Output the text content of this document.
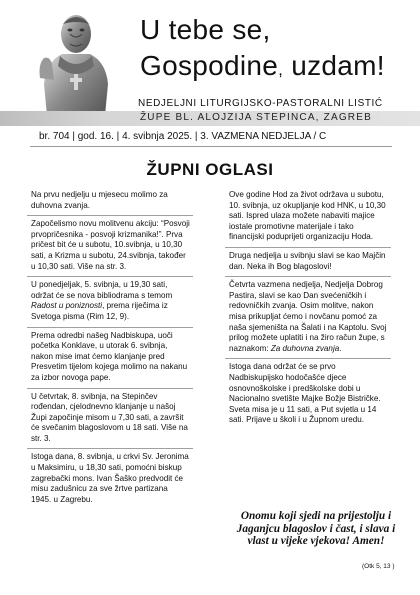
U tebe se,
Gospodine, uzdam!
NEDJELJNI LITURGIJSKO-PASTORALNI LISTIĆ
ŽUPE BL. ALOJZIJA STEPINCA, ZAGREB
br. 704 | god. 16. | 4. svibnja 2025. | 3. VAZMENA NEDJELJA / C
ŽUPNI OGLASI
Na prvu nedjelju u mjesecu molimo za duhovna zvanja.
Započelismo novu molitvenu akciju: “Posvoji prvopričesnika - posvoji krizmanika!”. Prva pričest bit će u subotu, 10.svibnja, u 10,30 sati, a Krizma u subotu, 24.svibnja, također u 10,30 sati. Više na str. 3.
U ponedjeljak, 5. svibnja, u 19,30 sati, održat će se nova bibliodrama s temom Radost u poniznosti, prema riječima iz Svetoga pisma (Rim 12, 9).
Prema odredbi našeg Nadbiskupa, uoči početka Konklave, u utorak 6. svibnja, nakon mise imat ćemo klanjanje pred Presvetim tijelom kojega molimo na nakanu za izbor novoga pape.
U četvrtak, 8. svibnja, na Stepinčev rođendan, cjelodnevno klanjanje u našoj Župi započinje misom u 7,30 sati, a završit će svečanim blagoslovom u 18 sati. Više na str. 3.
Istoga dana, 8. svibnja, u crkvi Sv. Jeronima u Maksimiru, u 18,30 sati, pomoćni biskup zagrebački mons. Ivan Šaško predvodit će misu zadušnicu za sve žrtve partizana 1945. u Zagrebu.
Ove godine Hod za život održava u subotu, 10. svibnja, uz okupljanje kod HNK, u 10,30 sati. Ispred ulaza možete nabaviti majice iostale promotivne materijale i tako financijski poduprijeti organizaciju Hoda.
Druga nedjelja u svibnju slavi se kao Majčin dan. Neka ih Bog blagoslovi!
Četvrta vazmena nedjelja, Nedjelja Dobrog Pastira, slavi se kao Dan svećeničkih i redovničkih zvanja. Osim molitve, nakon misa prikupljat ćemo i novčanu pomoć za naša sjemeništa na Šalati i na Kaptolu. Svoj prilog možete uplatiti i na žiro račun župe, s naznakom: Za duhovna zvanja.
Istoga dana održat će se prvo Nadbiskupijsko hodočašće djece osnovnoškolske i predškolske dobi u Nacionalno svetište Majke Božje Bistričke. Sveta misa je u 11 sati, a Put svjetla u 14 sati. Prijave u školi i u Župnom uredu.
Onomu koji sjedi na prijestolju i Jaganjcu blagoslov i čast, i slava i vlast u vijeke vjekova! Amen!
(Otk 5, 13 )
